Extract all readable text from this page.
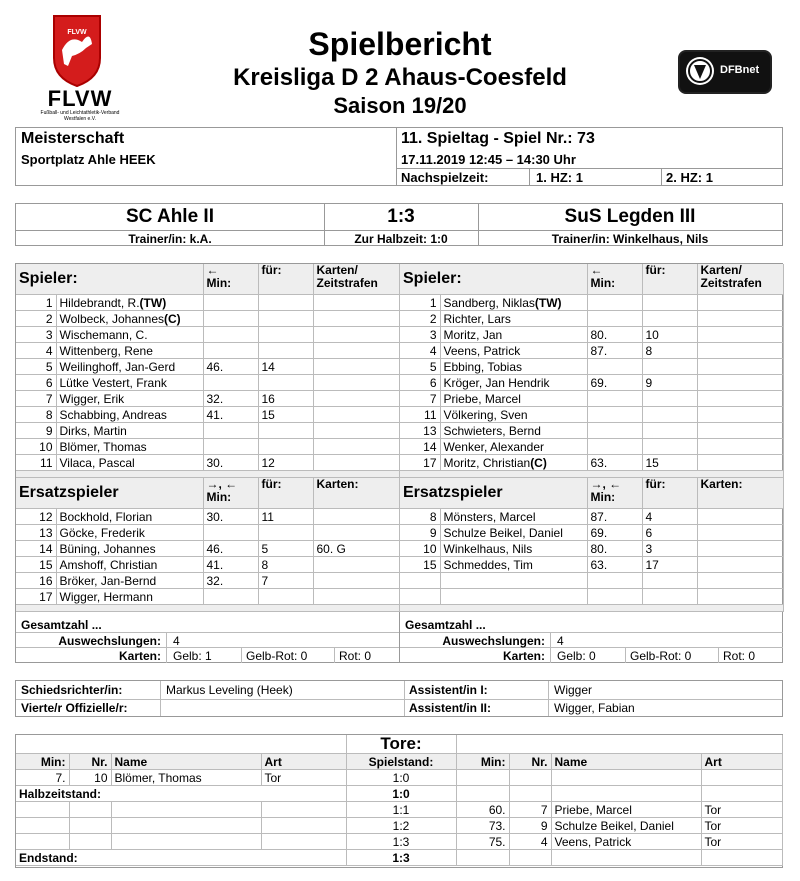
FLVW
FLVW
Fußball- und Leichtathletik-Verband
Westfalen e.V.
Spielbericht
Kreisliga D 2 Ahaus-Coesfeld
Saison 19/20
DFBnet
Meisterschaft
Sportplatz Ahle HEEK
11. Spieltag - Spiel Nr.: 73
17.11.2019 12:45 – 14:30 Uhr
Nachspielzeit:	1. HZ: 1	2. HZ: 1
SC Ahle II	1:3	SuS Legden III
Trainer/in: k.A.	Zur Halbzeit: 1:0	Trainer/in: Winkelhaus, Nils
Spieler:		←
Min:	für:	Karten/
Zeitstrafen
1	Hildebrandt, R.(TW)			
2	Wolbeck, Johannes(C)			
3	Wischemann, C.			
4	Wittenberg, Rene			
5	Weilinghoff, Jan-Gerd	46.	14	
6	Lütke Vestert, Frank			
7	Wigger, Erik	32.	16	
8	Schabbing, Andreas	41.	15	
9	Dirks, Martin			
10	Blömer, Thomas			
11	Vilaca, Pascal	30.	12	

Ersatzspieler		→, ←
Min:	für:	Karten:
12	Bockhold, Florian	30.	11	
13	Göcke, Frederik			
14	Büning, Johannes	46.	5	60. G
15	Amshoff, Christian	41.	8	
16	Bröker, Jan-Bernd	32.	7	
17	Wigger, Hermann			

Gesamtzahl ...
Auswechslungen: 4
Karten: Gelb: 1	Gelb-Rot: 0	Rot: 0
Spieler:		←
Min:	für:	Karten/
Zeitstrafen
1	Sandberg, Niklas(TW)			
2	Richter, Lars			
3	Moritz, Jan	80.	10	
4	Veens, Patrick	87.	8	
5	Ebbing, Tobias			
6	Kröger, Jan Hendrik	69.	9	
7	Priebe, Marcel			
11	Völkering, Sven			
13	Schwieters, Bernd			
14	Wenker, Alexander			
17	Moritz, Christian(C)	63.	15	

Ersatzspieler		→, ←
Min:	für:	Karten:
8	Mönsters, Marcel	87.	4	
9	Schulze Beikel, Daniel	69.	6	
10	Winkelhaus, Nils	80.	3	
15	Schmeddes, Tim	63.	17	

Gesamtzahl ...
Auswechslungen: 4
Karten: Gelb: 0	Gelb-Rot: 0	Rot: 0
Schiedsrichter/in:	Markus Leveling (Heek)
Vierte/r Offizielle/r:
Assistent/in I:	Wigger
Assistent/in II:	Wigger, Fabian
				Tore:				
Min:	Nr.	Name	Art	Spielstand:	Min:	Nr.	Name	Art
7.	10	Blömer, Thomas	Tor	1:0				
Halbzeitstand:				1:0				
				1:1	60.	7	Priebe, Marcel	Tor
				1:2	73.	9	Schulze Beikel, Daniel	Tor
				1:3	75.	4	Veens, Patrick	Tor
Endstand:				1:3				
